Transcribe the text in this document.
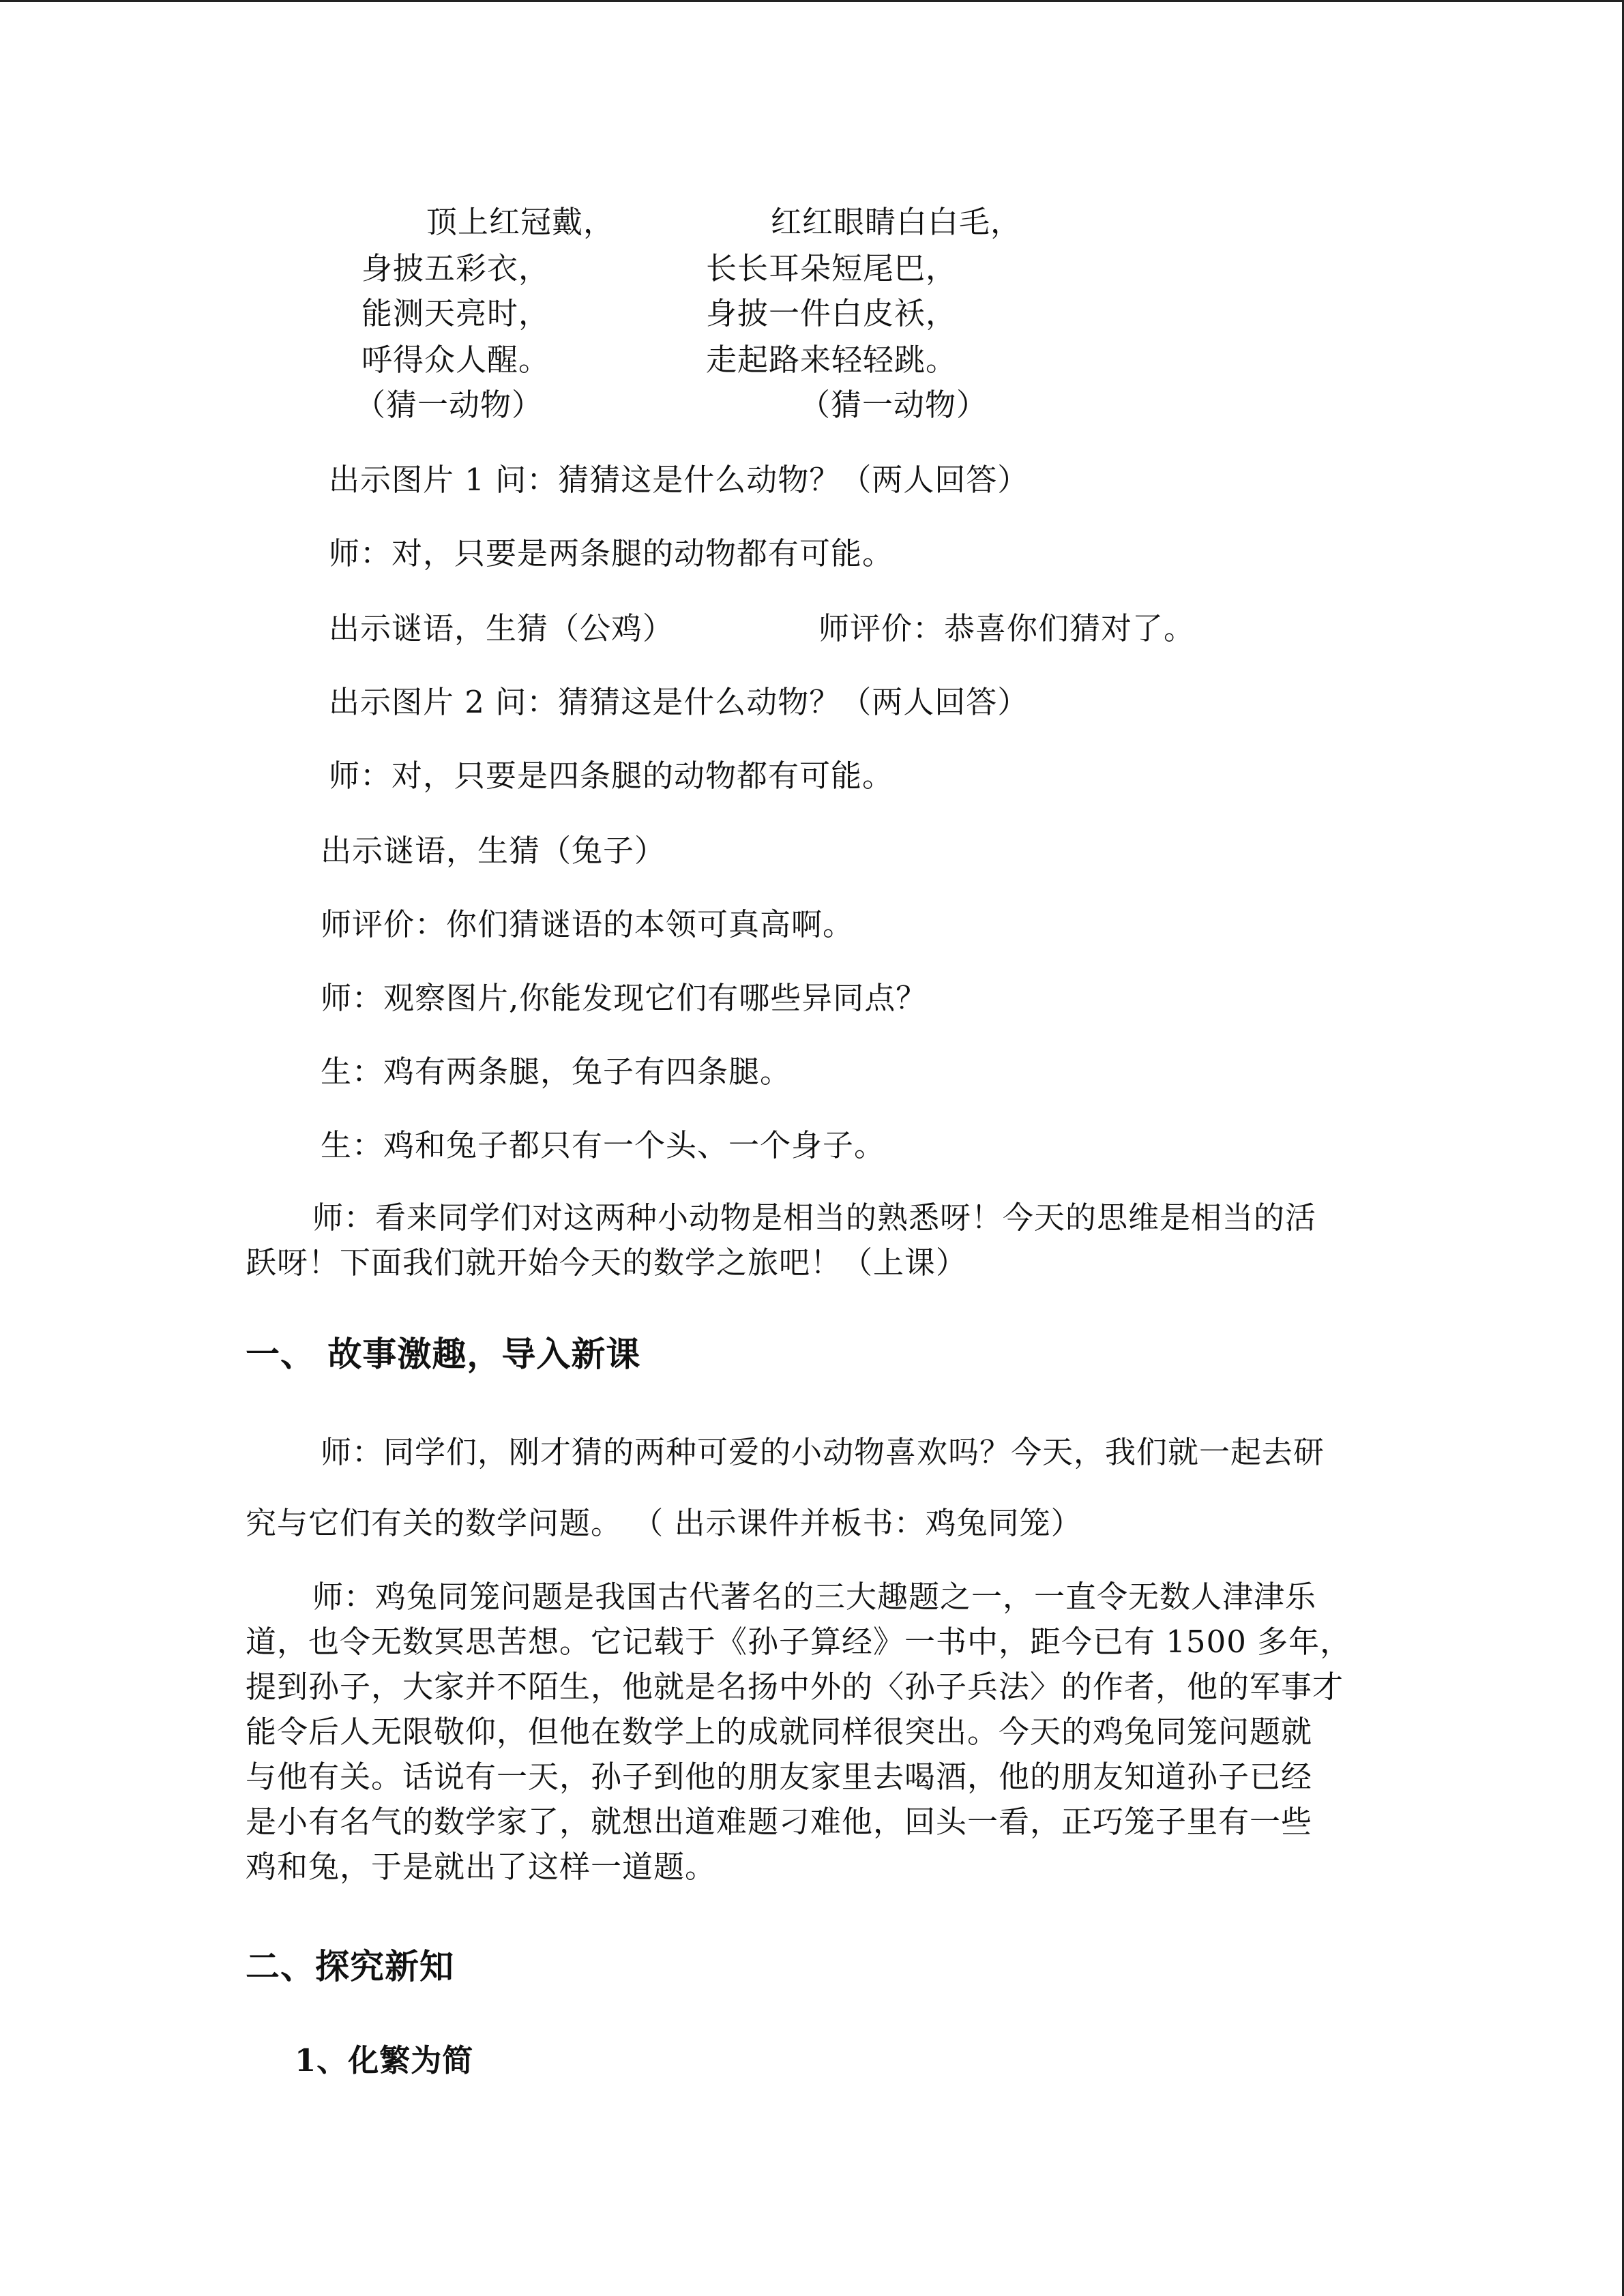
顶上红冠戴，
身披五彩衣，
能测天亮时，
呼得众人醒。
（猜一动物）
红红眼睛白白毛，
长长耳朵短尾巴，
身披一件白皮袄，
走起路来轻轻跳。
（猜一动物）
出示图片 1 问：猜猜这是什么动物？（两人回答）
师：对，只要是两条腿的动物都有可能。
出示谜语，生猜（公鸡）	师评价：恭喜你们猜对了。
出示图片 2 问：猜猜这是什么动物？（两人回答）
师：对，只要是四条腿的动物都有可能。
出示谜语，生猜（兔子）
师评价：你们猜谜语的本领可真高啊。
师：观察图片,你能发现它们有哪些异同点？
生：鸡有两条腿，兔子有四条腿。
生：鸡和兔子都只有一个头、一个身子。
师：看来同学们对这两种小动物是相当的熟悉呀！今天的思维是相当的活
跃呀！下面我们就开始今天的数学之旅吧！（上课）
一、 故事激趣，导入新课
师：同学们，刚才猜的两种可爱的小动物喜欢吗？今天，我们就一起去研
究与它们有关的数学问题。 （ 出示课件并板书：鸡兔同笼）
师：鸡兔同笼问题是我国古代著名的三大趣题之一，一直令无数人津津乐
道，也令无数冥思苦想。它记载于《孙子算经》一书中，距今已有 1500 多年，
提到孙子，大家并不陌生，他就是名扬中外的〈孙子兵法〉的作者，他的军事才
能令后人无限敬仰，但他在数学上的成就同样很突出。今天的鸡兔同笼问题就
与他有关。话说有一天，孙子到他的朋友家里去喝酒，他的朋友知道孙子已经
是小有名气的数学家了，就想出道难题刁难他，回头一看，正巧笼子里有一些
鸡和兔，于是就出了这样一道题。
二、探究新知
1、化繁为简
